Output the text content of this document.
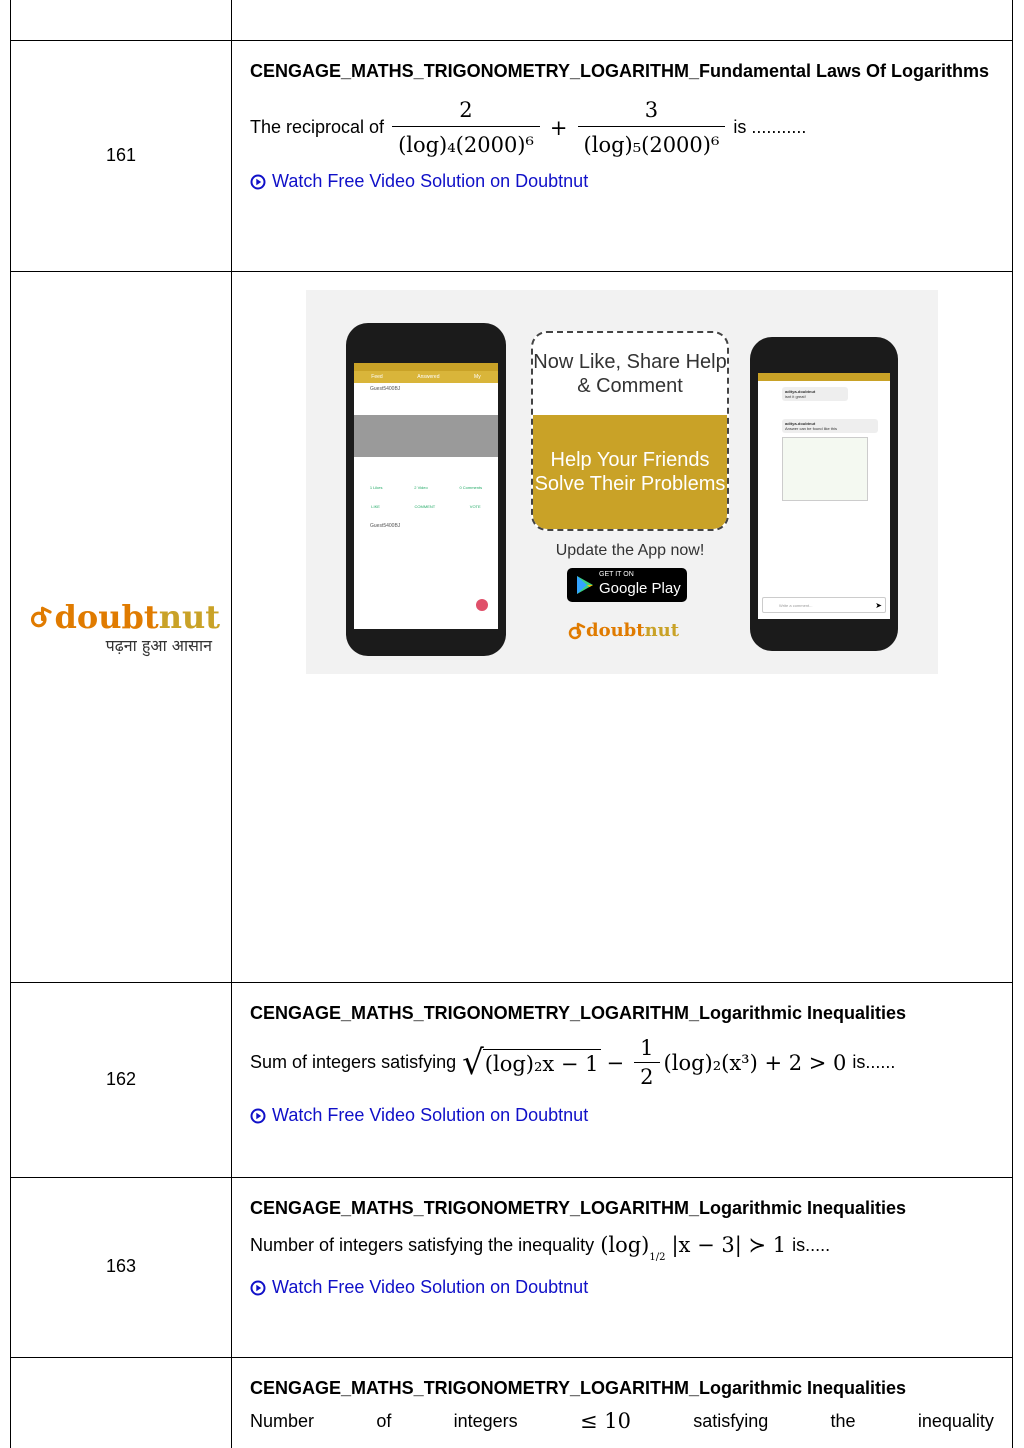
161
CENGAGE_MATHS_TRIGONOMETRY_LOGARITHM_Fundamental Laws Of Logarithms
The reciprocal of $\frac{2}{\text{(log)₄(2000)⁶}} + \frac{3}{\text{(log)₅(2000)⁶}}$ is ...........
Watch Free Video Solution on Doubtnut
doubt nut
पढ़ना हुआ आसान
Feed	Answered	My
Guest5400BJ
1 Likes	2 Video	0 Comments
LIKE	COMMENT	VOTE
Guest5400BJ
Now Like, Share Help & Comment
Help Your Friends Solve Their Problems
Update the App now!
GET IT ON
Google Play
doubt nut
aditya-doubtnut
isnt it great!
aditya-doubtnut
Answer can be found like this
Write a comment...	➤
162
CENGAGE_MATHS_TRIGONOMETRY_LOGARITHM_Logarithmic Inequalities
Sum of integers satisfying √ $(\log)_2x - 1 - \frac{1}{2} (\log)_2(x^3) + 2 > 0$ is......
Watch Free Video Solution on Doubtnut
163
CENGAGE_MATHS_TRIGONOMETRY_LOGARITHM_Logarithmic Inequalities
Number of integers satisfying the inequality (log)
1/2
|x − 3| ≻ 1 is.....
Watch Free Video Solution on Doubtnut
CENGAGE_MATHS_TRIGONOMETRY_LOGARITHM_Logarithmic Inequalities
Number	of	integers	≤ 10	satisfying	the	inequality
